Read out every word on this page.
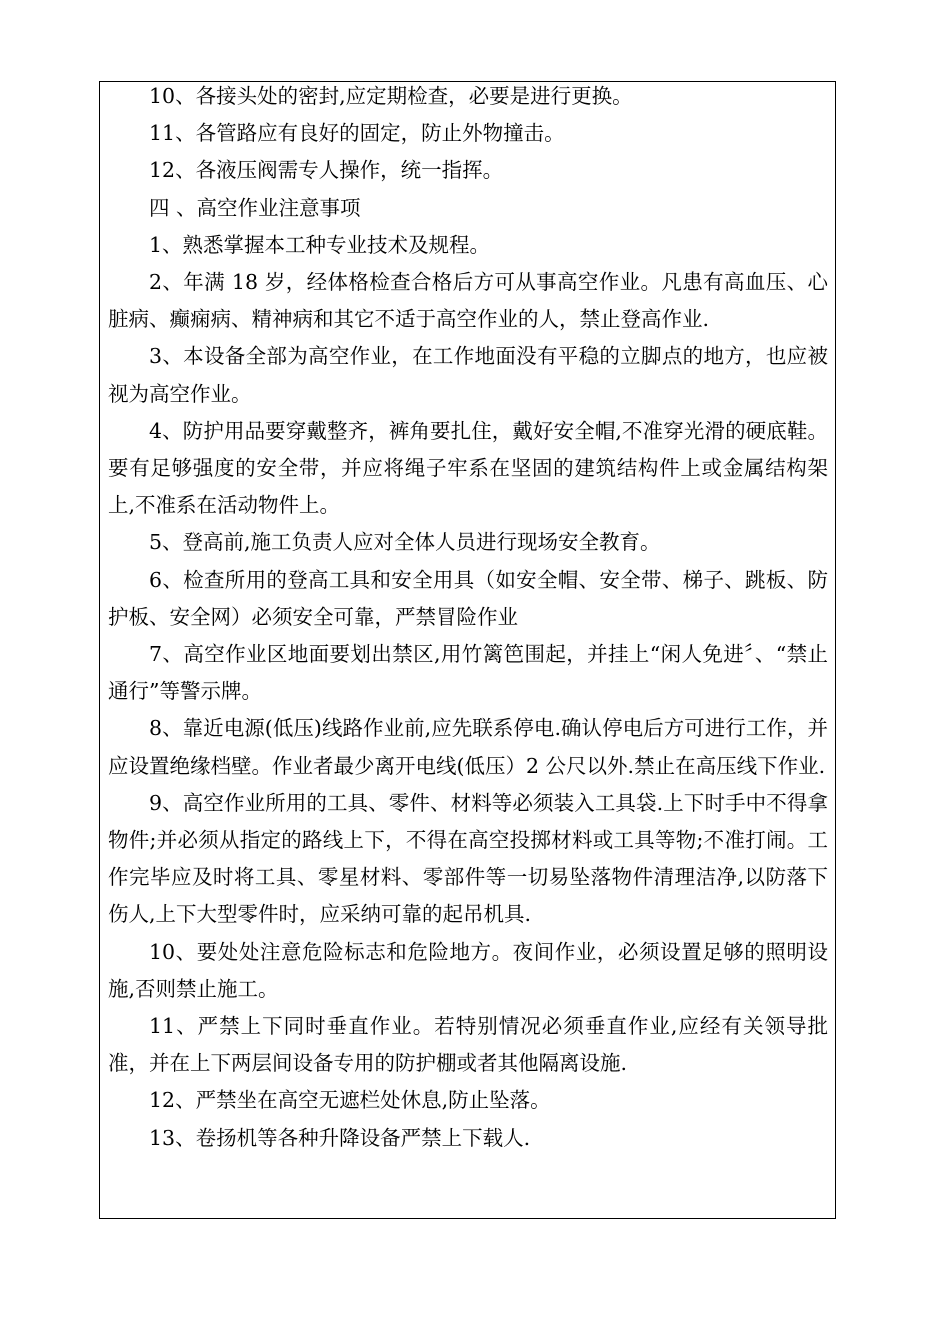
10、各接头处的密封,应定期检查，必要是进行更换。

11、各管路应有良好的固定，防止外物撞击。

12、各液压阀需专人操作，统一指挥。

四 、高空作业注意事项

1、熟悉掌握本工种专业技术及规程。

2、年满 18 岁，经体格检查合格后方可从事高空作业。凡患有高血压、心脏病、癫痫病、精神病和其它不适于高空作业的人，禁止登高作业.

3、本设备全部为高空作业，在工作地面没有平稳的立脚点的地方，也应被视为高空作业。

4、防护用品要穿戴整齐，裤角要扎住，戴好安全帽,不准穿光滑的硬底鞋。要有足够强度的安全带，并应将绳子牢系在坚固的建筑结构件上或金属结构架上,不准系在活动物件上。

5、登高前,施工负责人应对全体人员进行现场安全教育。

6、检查所用的登高工具和安全用具（如安全帽、安全带、梯子、跳板、防护板、安全网）必须安全可靠，严禁冒险作业

7、高空作业区地面要划出禁区,用竹篱笆围起，并挂上“闲人免进〞、“禁止通行”等警示牌。

8、靠近电源(低压)线路作业前,应先联系停电.确认停电后方可进行工作，并应设置绝缘档壁。作业者最少离开电线(低压）2 公尺以外.禁止在高压线下作业.

9、高空作业所用的工具、零件、材料等必须装入工具袋.上下时手中不得拿物件;并必须从指定的路线上下，不得在高空投掷材料或工具等物;不准打闹。工作完毕应及时将工具、零星材料、零部件等一切易坠落物件清理洁净,以防落下伤人,上下大型零件时，应采纳可靠的起吊机具.

10、要处处注意危险标志和危险地方。夜间作业，必须设置足够的照明设施,否则禁止施工。

11、严禁上下同时垂直作业。若特别情况必须垂直作业,应经有关领导批准，并在上下两层间设备专用的防护棚或者其他隔离设施.

12、严禁坐在高空无遮栏处休息,防止坠落。

13、卷扬机等各种升降设备严禁上下载人.
